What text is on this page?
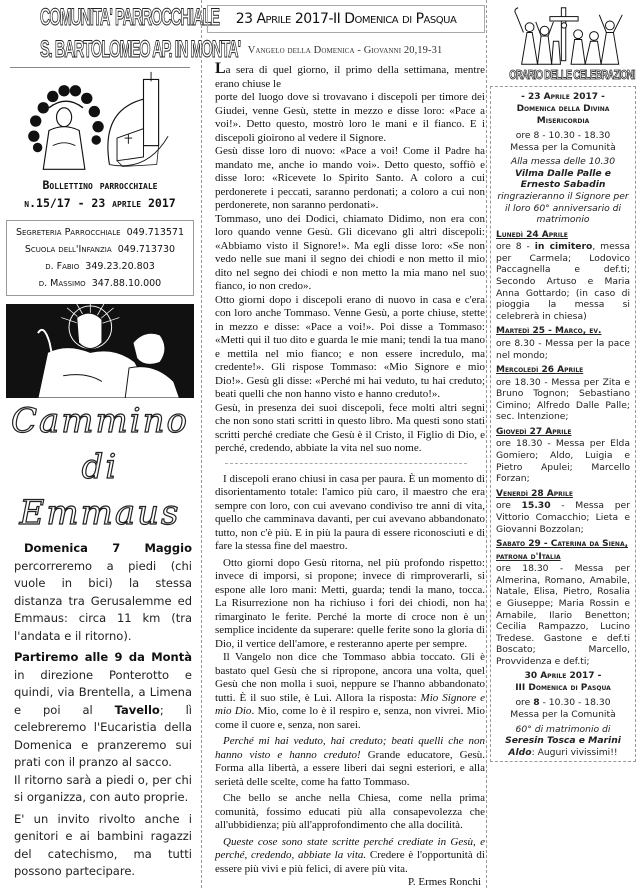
COMUNITA' PARROCCHIALE
S. BARTOLOMEO AP. IN MONTA'
Bollettino parrocchiale
n.15/17 - 23 aprile 2017
Segreteria Parrocchiale 049.713571
Scuola dell'Infanzia 049.713730
d. Fabio 349.23.20.803
d. Massimo 347.88.10.000
Cammino
di Emmaus

Domenica 7 Maggio percorreremo a piedi (chi vuole in bici) la stessa distanza tra Gerusalemme ed Emmaus: circa 11 km (tra l'andata e il ritorno).

Partiremo alle 9 da Montà in direzione Ponterotto e quindi, via Brentella, a Limena e poi al Tavello; lì celebreremo l'Eucaristia della Domenica e pranzeremo sui prati con il pranzo al sacco.

Il ritorno sarà a piedi o, per chi si organizza, con auto proprie.

E' un invito rivolto anche i genitori e ai bambini ragazzi del catechismo, ma tutti possono partecipare.

23 Aprile 2017-II Domenica di Pasqua
Vangelo della Domenica - Giovanni 20,19-31
La sera di quel giorno, il primo della settimana, mentre erano chiuse le
porte del luogo dove si trovavano i discepoli per timore dei Giudei, venne Gesù, stette in mezzo e disse loro: «Pace a voi!». Detto questo, mostrò loro le mani e il fianco. E i discepoli gioirono al vedere il Signore.
Gesù disse loro di nuovo: «Pace a voi! Come il Padre ha mandato me, anche io mando voi». Detto questo, soffiò e disse loro: «Ricevete lo Spirito Santo. A coloro a cui perdonerete i peccati, saranno perdonati; a coloro a cui non perdonerete, non saranno perdonati».
Tommaso, uno dei Dodici, chiamato Didimo, non era con loro quando venne Gesù. Gli dicevano gli altri discepoli: «Abbiamo visto il Signore!». Ma egli disse loro: «Se non vedo nelle sue mani il segno dei chiodi e non metto il mio dito nel segno dei chiodi e non metto la mia mano nel suo fianco, io non credo».
Otto giorni dopo i discepoli erano di nuovo in casa e c'era con loro anche Tommaso. Venne Gesù, a porte chiuse, stette in mezzo e disse: «Pace a voi!». Poi disse a Tommaso: «Metti qui il tuo dito e guarda le mie mani; tendi la tua mano e mettila nel mio fianco; e non essere incredulo, ma credente!». Gli rispose Tommaso: «Mio Signore e mio Dio!». Gesù gli disse: «Perché mi hai veduto, tu hai creduto; beati quelli che non hanno visto e hanno creduto!».
Gesù, in presenza dei suoi discepoli, fece molti altri segni che non sono stati scritti in questo libro. Ma questi sono stati scritti perché crediate che Gesù è il Cristo, il Figlio di Dio, e perché, credendo, abbiate la vita nel suo nome.

I discepoli erano chiusi in casa per paura. È un momento di disorientamento totale: l'amico più caro, il maestro che era sempre con loro, con cui avevano condiviso tre anni di vita, quello che camminava davanti, per cui avevano abbandonato tutto, non c'è più. E in più la paura di essere riconosciuti e di fare la stessa fine del maestro.

Otto giorni dopo Gesù ritorna, nel più profondo rispetto: invece di imporsi, si propone; invece di rimproverarli, si espone alle loro mani: Metti, guarda; tendi la mano, tocca. La Risurrezione non ha richiuso i fori dei chiodi, non ha rimarginato le ferite. Perché la morte di croce non è un semplice incidente da superare: quelle ferite sono la gloria di Dio, il vertice dell'amore, e resteranno aperte per sempre.

Il Vangelo non dice che Tommaso abbia toccato. Gli è bastato quel Gesù che si ripropone, ancora una volta, quel Gesù che non molla i suoi, neppure se l'hanno abbandonato tutti. È il suo stile, è Lui. Allora la risposta: Mio Signore e mio Dio. Mio, come lo è il respiro e, senza, non vivrei. Mio come il cuore e, senza, non sarei.

Perché mi hai veduto, hai creduto; beati quelli che non hanno visto e hanno creduto! Grande educatore, Gesù. Forma alla libertà, a essere liberi dai segni esteriori, e alla serietà delle scelte, come ha fatto Tommaso.

Che bello se anche nella Chiesa, come nella prima comunità, fossimo educati più alla consapevolezza che all'ubbidienza; più all'approfondimento che alla docilità.

Queste cose sono state scritte perché crediate in Gesù, e perché, credendo, abbiate la vita. Credere è l'opportunità di essere più vivi e più felici, di avere più vita.

P. Ermes Ronchi
ORARIO DELLE CELEBRAZIONI
- 23 Aprile 2017 -
Domenica della Divina Misericordia
ore 8 - 10.30 - 18.30
Messa per la Comunità
Alla messa delle 10.30
Vilma Dalle Palle e Ernesto Sabadin
ringrazieranno il Signore per il loro 60° anniversario di matrimonio
Lunedì 24 Aprile
ore 8 - in cimitero, messa per Carmela; Lodovico Paccagnella e def.ti; Secondo Artuso e Maria Anna Gottardo; (in caso di pioggia la messa si celebrerà in chiesa)
Martedì 25 - Marco, ev.
ore 8.30 - Messa per la pace nel mondo;
Mercoledì 26 Aprile
ore 18.30 - Messa per Zita e Bruno Tognon; Sebastiano Cimino; Alfredo Dalle Palle; sec. Intenzione;
Giovedì 27 Aprile
ore 18.30 - Messa per Elda Gomiero; Aldo, Luigia e Pietro Apulei; Marcello Forzan;
Venerdì 28 Aprile
ore 15.30 - Messa per Vittorio Comacchio; Lieta e Giovanni Bozzolan;
Sabato 29 - Caterina da Siena, patrona d'Italia
ore 18.30 - Messa per Almerina, Romano, Amabile, Natale, Elisa, Pietro, Rosalia e Giuseppe; Maria Rossin e Amabile, Ilario Benetton; Cecilia Rampazzo, Lucino Tredese. Gastone e def.ti Boscato; Marcello, Provvidenza e def.ti;
30 Aprile 2017 -
III Domenica di Pasqua
ore 8 - 10.30 - 18.30
Messa per la Comunità
60° di matrimonio di
Seresin Tosca e Marini
Aldo: Auguri vivissimi!!
